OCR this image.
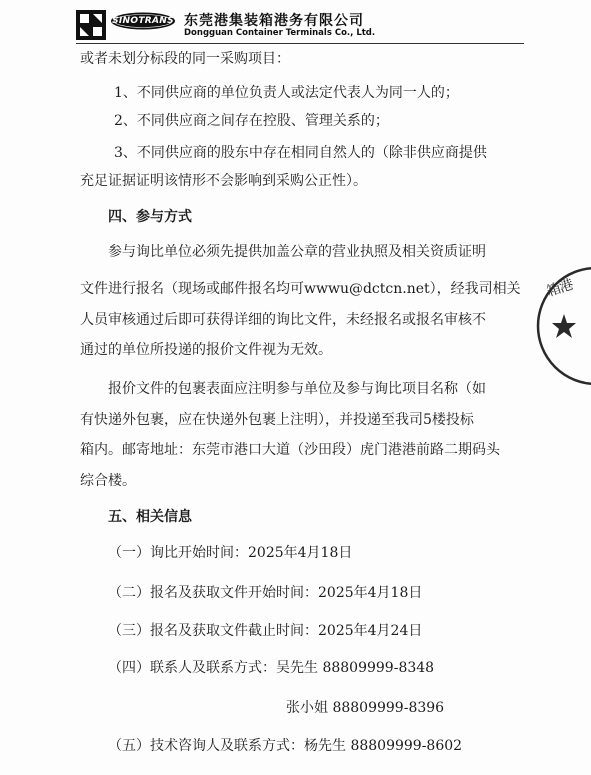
SINOTRANS 东莞港集装箱港务有限公司
Dongguan Container Terminals Co., Ltd.
或者未划分标段的同一采购项目：
1、不同供应商的单位负责人或法定代表人为同一人的；
2、不同供应商之间存在控股、管理关系的；
3、不同供应商的股东中存在相同自然人的（除非供应商提供
充足证据证明该情形不会影响到采购公正性）。
四、参与方式
参与询比单位必须先提供加盖公章的营业执照及相关资质证明
文件进行报名（现场或邮件报名均可wwwu@dctcn.net），经我司相关
人员审核通过后即可获得详细的询比文件，未经报名或报名审核不
通过的单位所投递的报价文件视为无效。
报价文件的包裹表面应注明参与单位及参与询比项目名称（如
有快递外包裹，应在快递外包裹上注明），并投递至我司5楼投标
箱内。邮寄地址：东莞市港口大道（沙田段）虎门港港前路二期码头
综合楼。
五、相关信息
（一）询比开始时间：2025年4月18日
（二）报名及获取文件开始时间：2025年4月18日
（三）报名及获取文件截止时间：2025年4月24日
（四）联系人及联系方式：吴先生 88809999-8348
张小姐 88809999-8396
（五）技术咨询人及联系方式：杨先生 88809999-8602
箱港
